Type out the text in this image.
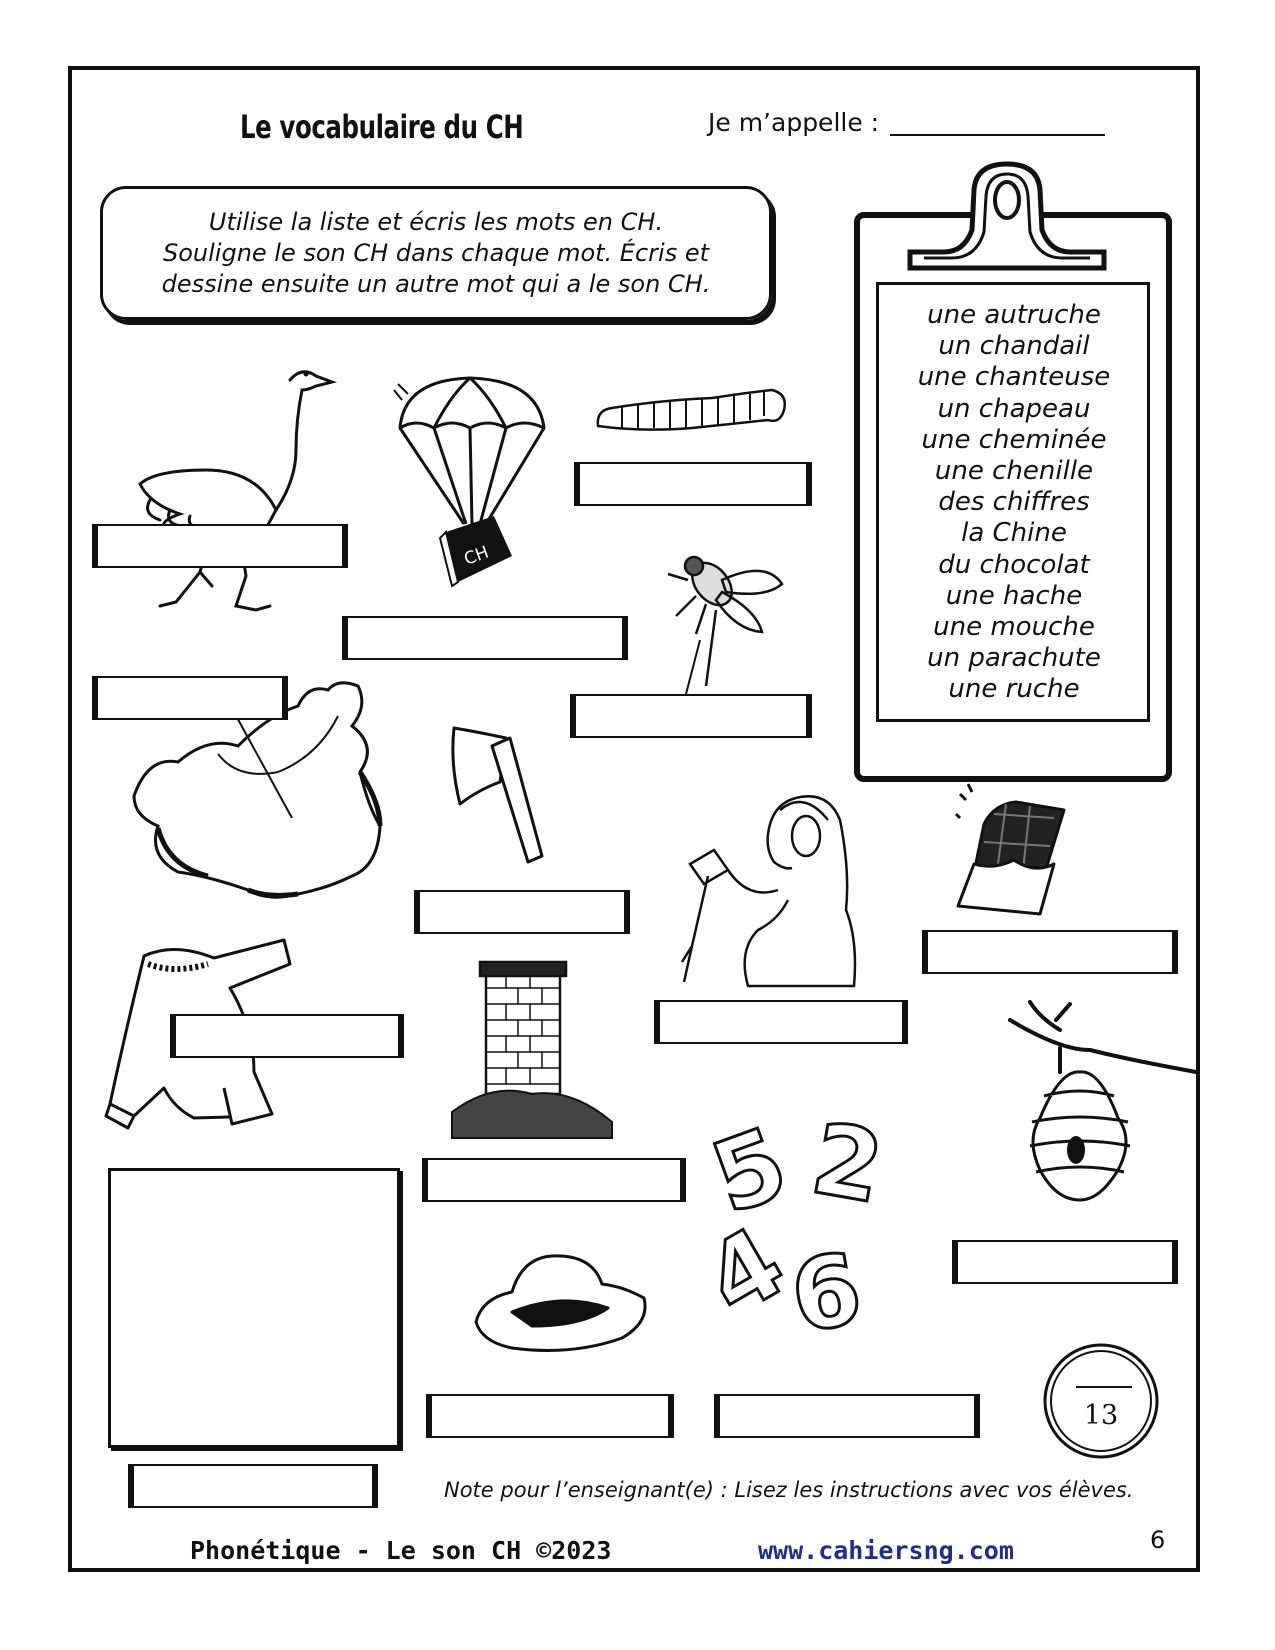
Le vocabulaire du CH	Je m’appelle :
Utilise la liste et écris les mots en CH.
Souligne le son CH dans chaque mot. Écris et
dessine ensuite un autre mot qui a le son CH.
une autruche
un chandail
une chanteuse
un chapeau
une cheminée
une chenille
des chiffres
la Chine
du chocolat
une hache
une mouche
un parachute
une ruche
CH
5 2
4
6
13
Note pour l’enseignant(e) : Lisez les instructions avec vos élèves.
Phonétique - Le son CH ©2023	www.cahiersng.com	6
